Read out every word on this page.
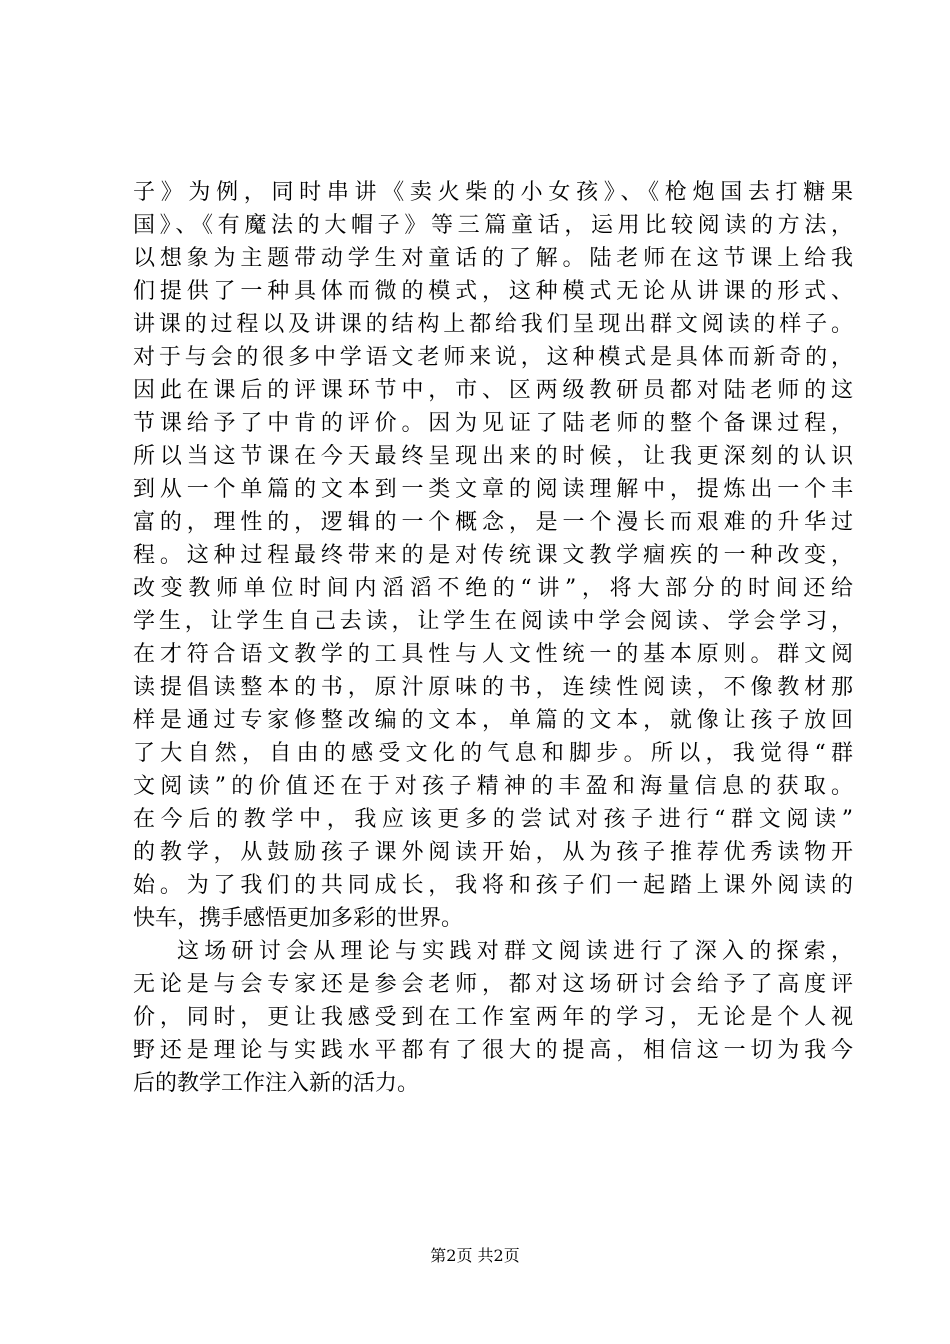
子》为例，同时串讲《卖火柴的小女孩》、《枪炮国去打糖果
国》、《有魔法的大帽子》等三篇童话，运用比较阅读的方法，
以想象为主题带动学生对童话的了解。陆老师在这节课上给我
们提供了一种具体而微的模式，这种模式无论从讲课的形式、
讲课的过程以及讲课的结构上都给我们呈现出群文阅读的样子。
对于与会的很多中学语文老师来说，这种模式是具体而新奇的，
因此在课后的评课环节中，市、区两级教研员都对陆老师的这
节课给予了中肯的评价。因为见证了陆老师的整个备课过程，
所以当这节课在今天最终呈现出来的时候，让我更深刻的认识
到从一个单篇的文本到一类文章的阅读理解中，提炼出一个丰
富的，理性的，逻辑的一个概念，是一个漫长而艰难的升华过
程。这种过程最终带来的是对传统课文教学痼疾的一种改变，
改变教师单位时间内滔滔不绝的“讲”，将大部分的时间还给
学生，让学生自己去读，让学生在阅读中学会阅读、学会学习，
在才符合语文教学的工具性与人文性统一的基本原则。群文阅
读提倡读整本的书，原汁原味的书，连续性阅读，不像教材那
样是通过专家修整改编的文本，单篇的文本，就像让孩子放回
了大自然，自由的感受文化的气息和脚步。所以，我觉得“群
文阅读”的价值还在于对孩子精神的丰盈和海量信息的获取。
在今后的教学中，我应该更多的尝试对孩子进行“群文阅读”
的教学，从鼓励孩子课外阅读开始，从为孩子推荐优秀读物开
始。为了我们的共同成长，我将和孩子们一起踏上课外阅读的
快车，携手感悟更加多彩的世界。
这场研讨会从理论与实践对群文阅读进行了深入的探索，
无论是与会专家还是参会老师，都对这场研讨会给予了高度评
价，同时，更让我感受到在工作室两年的学习，无论是个人视
野还是理论与实践水平都有了很大的提高，相信这一切为我今
后的教学工作注入新的活力。
第2页 共2页
